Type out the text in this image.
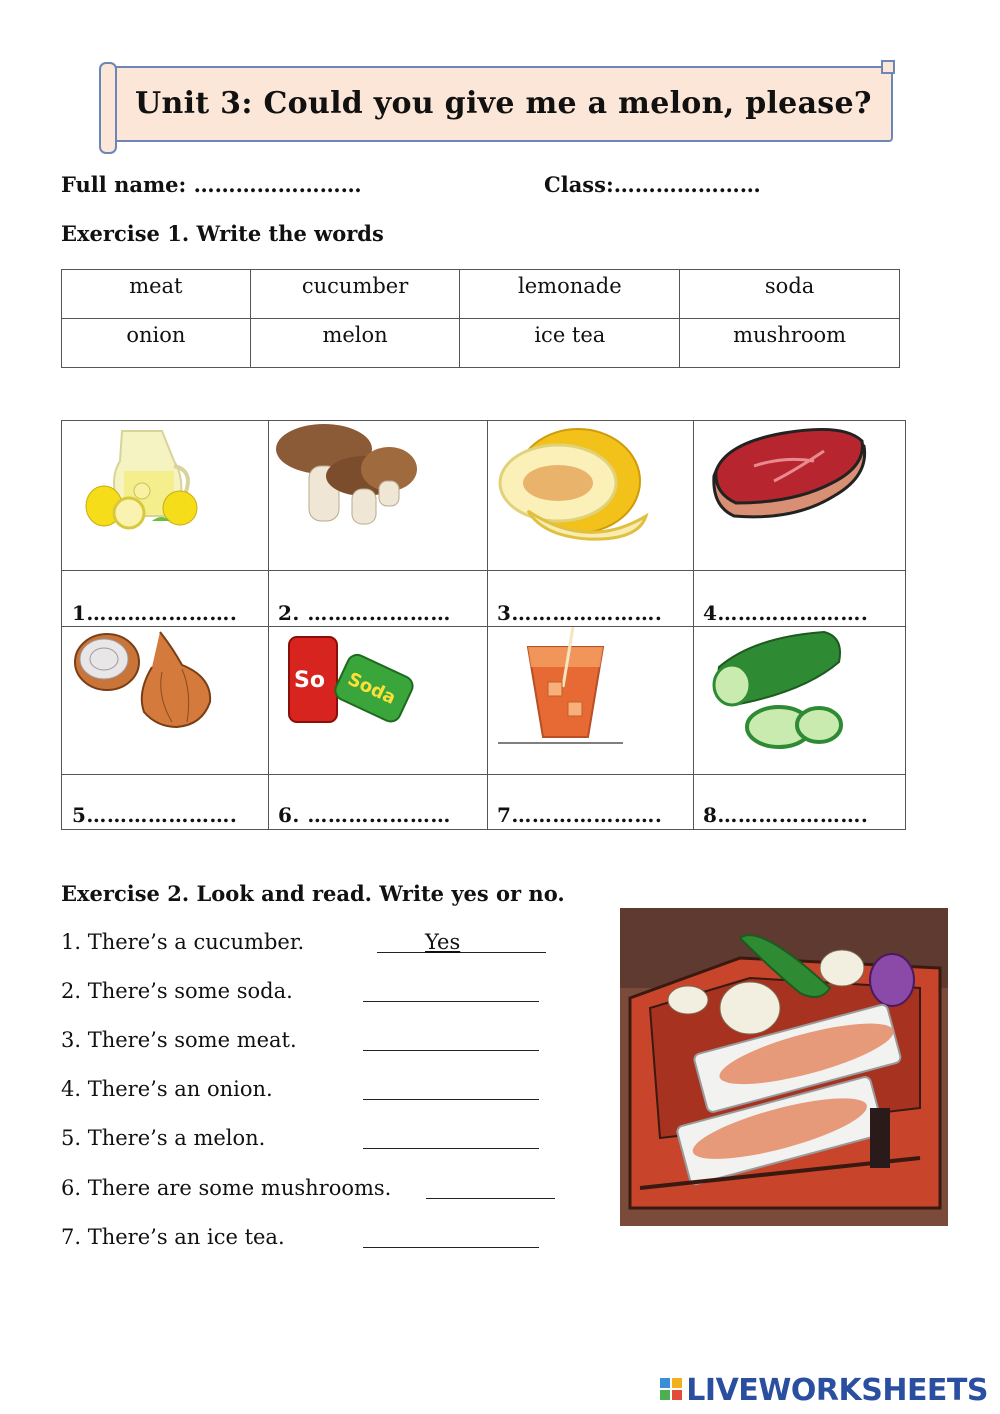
Unit 3: Could you give me a melon, please?
Full name: ……………………	Class:…………………
Exercise 1. Write the words
meat	cucumber	lemonade	soda
onion	melon	ice tea	mushroom
1…………………. 2. ………………… 3…………………. 4………………….
So Soda
5…………………. 6. ………………… 7…………………. 8………………….
Exercise 2. Look and read. Write yes or no.
1. There’s a cucumber.	Yes
2. There’s some soda.
3. There’s some meat.
4. There’s an onion.
5. There’s a melon.
6. There are some mushrooms.
7. There’s an ice tea.
LIVEWORKSHEETS
